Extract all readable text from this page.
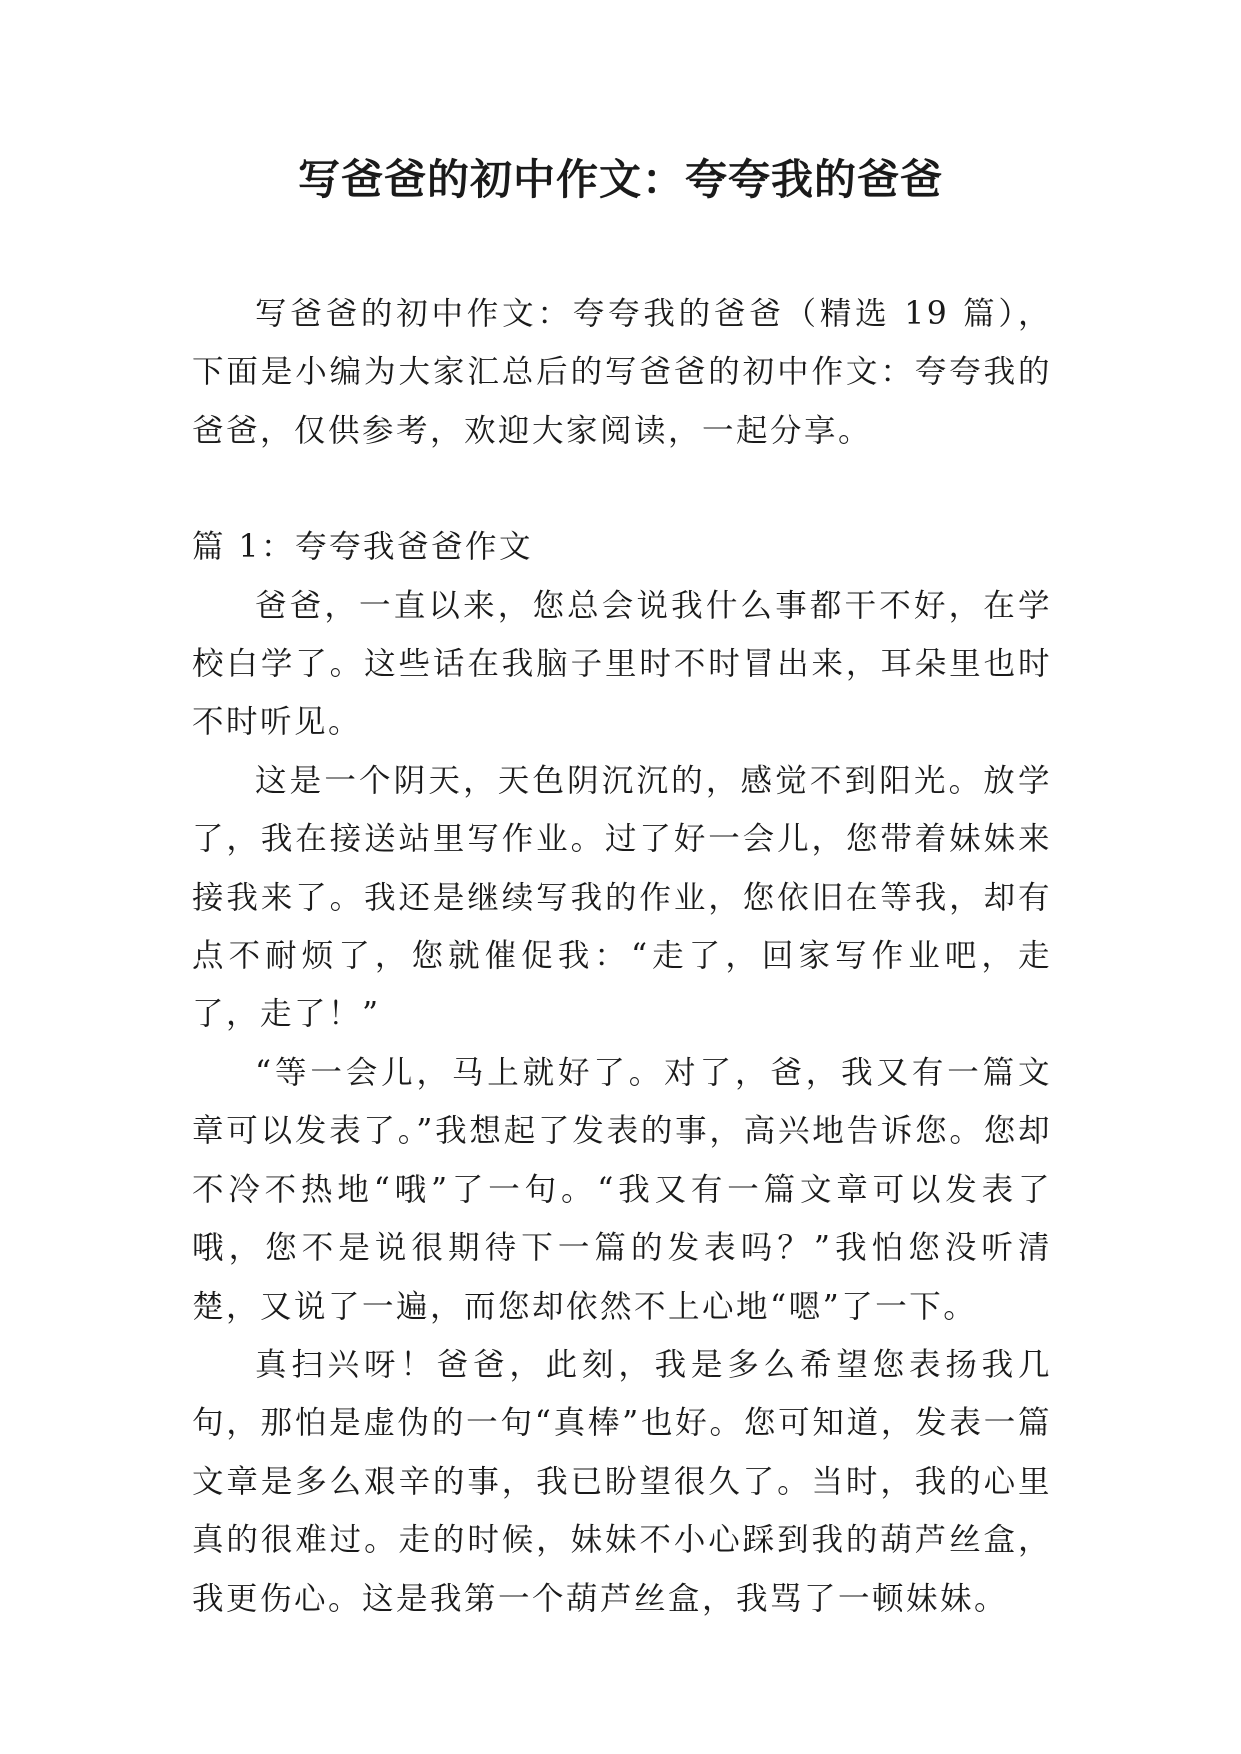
写爸爸的初中作文：夸夸我的爸爸

写爸爸的初中作文：夸夸我的爸爸（精选 19 篇），下面是小编为大家汇总后的写爸爸的初中作文：夸夸我的爸爸，仅供参考，欢迎大家阅读，一起分享。

篇 1：夸夸我爸爸作文

爸爸，一直以来，您总会说我什么事都干不好，在学校白学了。这些话在我脑子里时不时冒出来，耳朵里也时不时听见。

这是一个阴天，天色阴沉沉的，感觉不到阳光。放学了，我在接送站里写作业。过了好一会儿，您带着妹妹来接我来了。我还是继续写我的作业，您依旧在等我，却有点不耐烦了，您就催促我：“走了，回家写作业吧，走了，走了！”

“等一会儿，马上就好了。对了，爸，我又有一篇文章可以发表了。”我想起了发表的事，高兴地告诉您。您却不冷不热地“哦”了一句。“我又有一篇文章可以发表了哦，您不是说很期待下一篇的发表吗？”我怕您没听清楚，又说了一遍，而您却依然不上心地“嗯”了一下。

真扫兴呀！爸爸，此刻，我是多么希望您表扬我几句，那怕是虚伪的一句“真棒”也好。您可知道，发表一篇文章是多么艰辛的事，我已盼望很久了。当时，我的心里真的很难过。走的时候，妹妹不小心踩到我的葫芦丝盒，我更伤心。这是我第一个葫芦丝盒，我骂了一顿妹妹。
